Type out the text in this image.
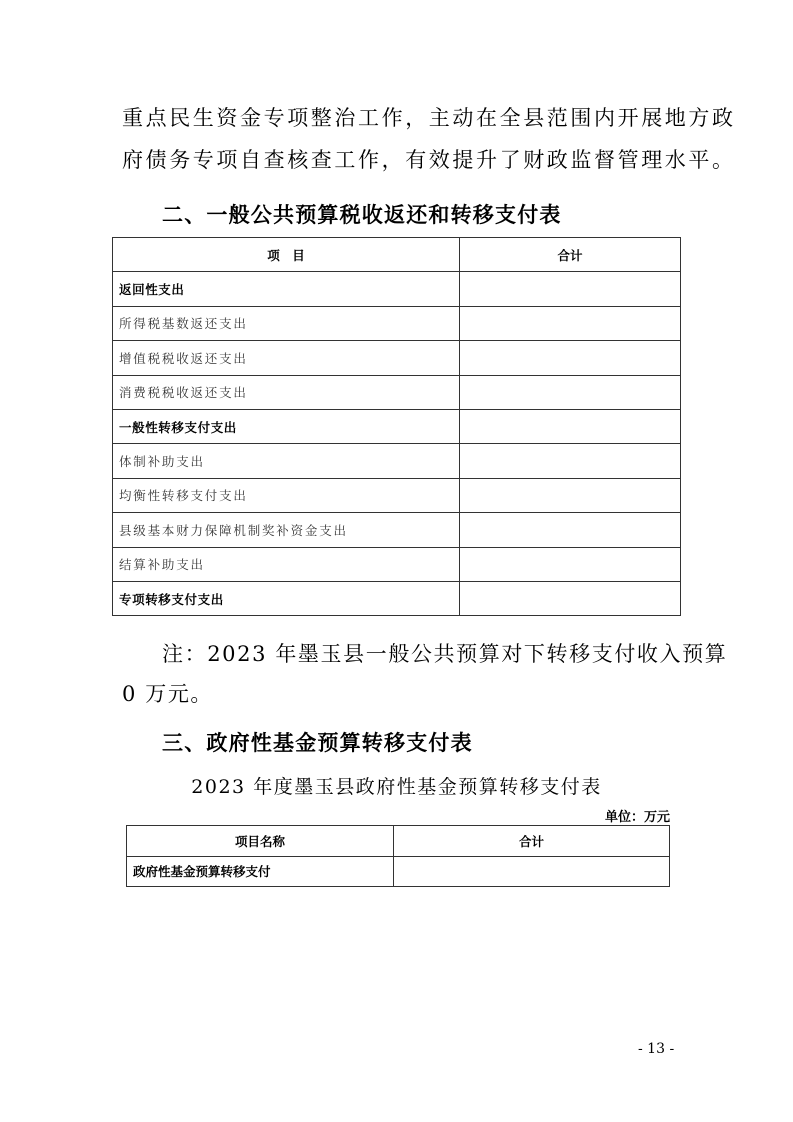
重点民生资金专项整治工作，主动在全县范围内开展地方政
府债务专项自查核查工作，有效提升了财政监督管理水平。
二、一般公共预算税收返还和转移支付表
项　目	合计
返回性支出	
所得税基数返还支出	
增值税税收返还支出	
消费税税收返还支出	
一般性转移支付支出	
体制补助支出	
均衡性转移支付支出	
县级基本财力保障机制奖补资金支出	
结算补助支出	
专项转移支付支出	
注：2023 年墨玉县一般公共预算对下转移支付收入预算
0 万元。
三、政府性基金预算转移支付表
2023 年度墨玉县政府性基金预算转移支付表
单位：万元
项目名称	合计
政府性基金预算转移支付	
- 13 -
